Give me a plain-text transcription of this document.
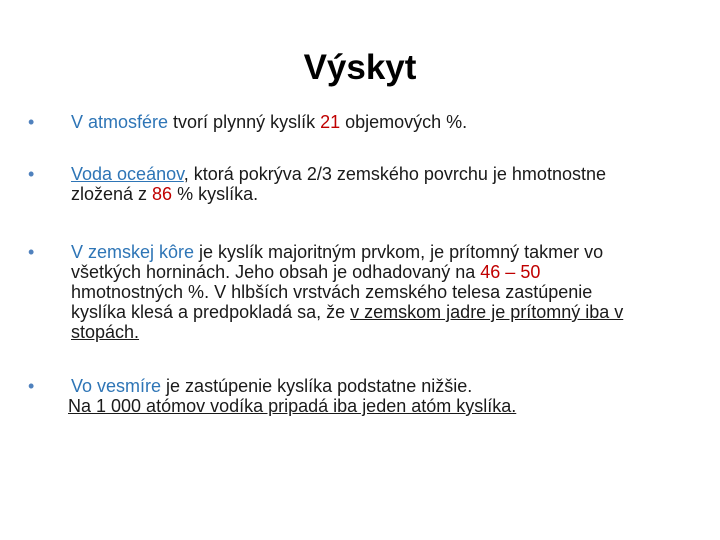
Výskyt
•	V atmosfére tvorí plynný kyslík 21 objemových %.
•	Voda oceánov, ktorá pokrýva 2/3 zemského povrchu je hmotnostne
zložená z 86 % kyslíka.
•	V zemskej kôre je kyslík majoritným prvkom, je prítomný takmer vo
všetkých horninách. Jeho obsah je odhadovaný na 46 – 50
hmotnostných %. V hlbších vrstvách zemského telesa zastúpenie
kyslíka klesá a predpokladá sa, že v zemskom jadre je prítomný iba v
stopách.
•	Vo vesmíre je zastúpenie kyslíka podstatne nižšie.
Na 1 000 atómov vodíka pripadá iba jeden atóm kyslíka.
